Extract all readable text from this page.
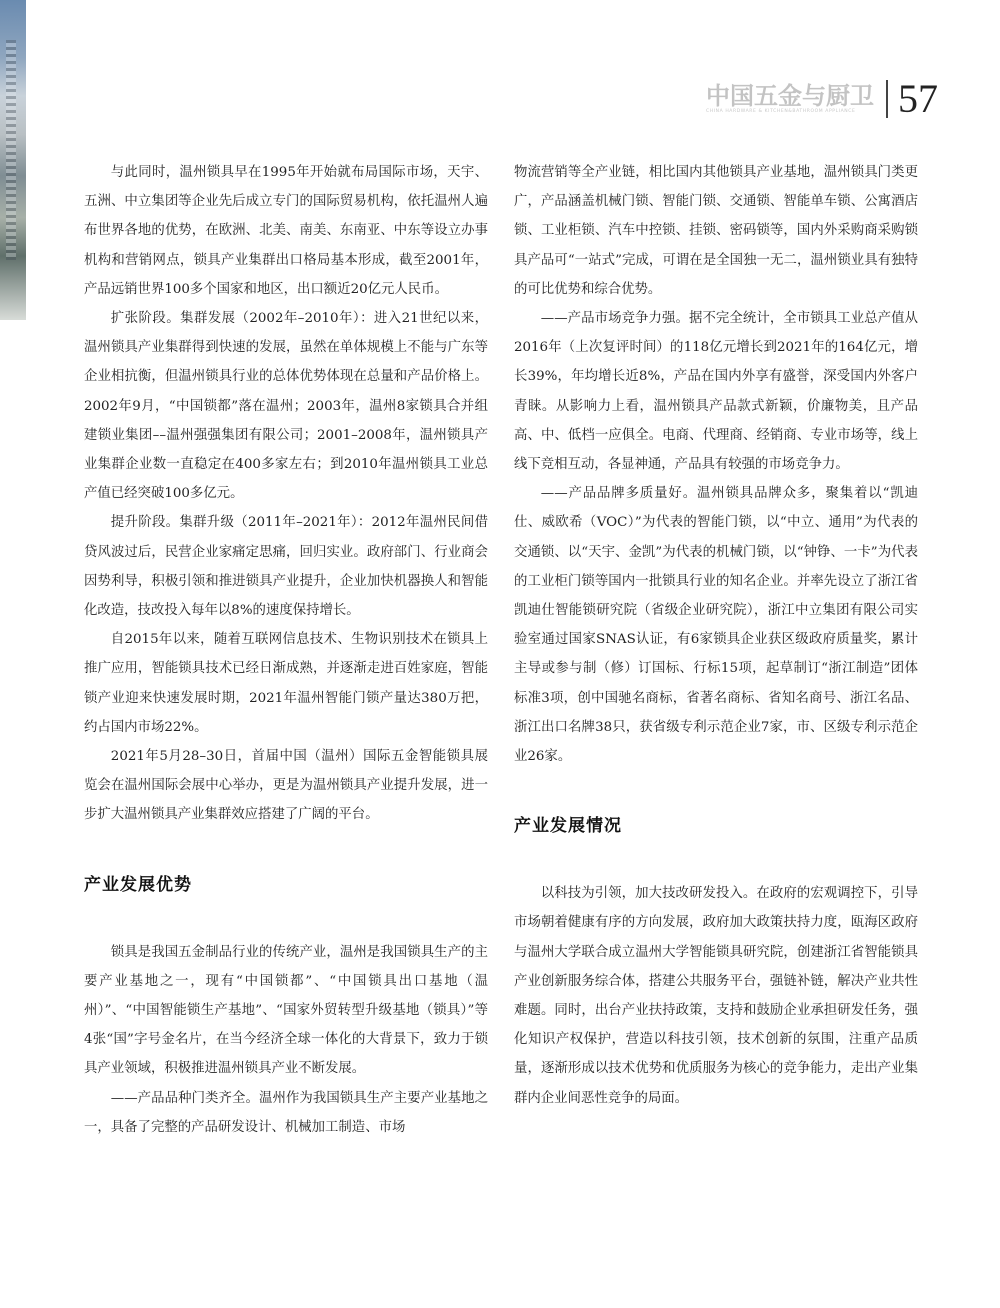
中国五金与厨卫
CHINA HARDWARE & KITCHEN&BATHROOM APPLIANCE 57

与此同时，温州锁具早在1995年开始就布局国际市场，天宇、五洲、中立集团等企业先后成立专门的国际贸易机构，依托温州人遍布世界各地的优势，在欧洲、北美、南美、东南亚、中东等设立办事机构和营销网点，锁具产业集群出口格局基本形成，截至2001年，产品远销世界100多个国家和地区，出口额近20亿元人民币。

扩张阶段。集群发展（2002年–2010年）：进入21世纪以来，温州锁具产业集群得到快速的发展，虽然在单体规模上不能与广东等企业相抗衡，但温州锁具行业的总体优势体现在总量和产品价格上。2002年9月，“中国锁都”落在温州；2003年，温州8家锁具合并组建锁业集团––温州强强集团有限公司；2001–2008年，温州锁具产业集群企业数一直稳定在400多家左右；到2010年温州锁具工业总产值已经突破100多亿元。

提升阶段。集群升级（2011年–2021年）：2012年温州民间借贷风波过后，民营企业家痛定思痛，回归实业。政府部门、行业商会因势利导，积极引领和推进锁具产业提升，企业加快机器换人和智能化改造，技改投入每年以8%的速度保持增长。

自2015年以来，随着互联网信息技术、生物识别技术在锁具上推广应用，智能锁具技术已经日渐成熟，并逐渐走进百姓家庭，智能锁产业迎来快速发展时期，2021年温州智能门锁产量达380万把，约占国内市场22%。

2021年5月28–30日，首届中国（温州）国际五金智能锁具展览会在温州国际会展中心举办，更是为温州锁具产业提升发展，进一步扩大温州锁具产业集群效应搭建了广阔的平台。

产业发展优势

锁具是我国五金制品行业的传统产业，温州是我国锁具生产的主要产业基地之一，现有“中国锁都”、“中国锁具出口基地（温州）”、“中国智能锁生产基地”、“国家外贸转型升级基地（锁具）”等4张“国”字号金名片，在当今经济全球一体化的大背景下，致力于锁具产业领域，积极推进温州锁具产业不断发展。

——产品品种门类齐全。温州作为我国锁具生产主要产业基地之一，具备了完整的产品研发设计、机械加工制造、市场

物流营销等全产业链，相比国内其他锁具产业基地，温州锁具门类更广，产品涵盖机械门锁、智能门锁、交通锁、智能单车锁、公寓酒店锁、工业柜锁、汽车中控锁、挂锁、密码锁等，国内外采购商采购锁具产品可“一站式”完成，可谓在是全国独一无二，温州锁业具有独特的可比优势和综合优势。

——产品市场竞争力强。据不完全统计，全市锁具工业总产值从2016年（上次复评时间）的118亿元增长到2021年的164亿元，增长39%，年均增长近8%，产品在国内外享有盛誉，深受国内外客户青睐。从影响力上看，温州锁具产品款式新颖，价廉物美，且产品高、中、低档一应俱全。电商、代理商、经销商、专业市场等，线上线下竞相互动，各显神通，产品具有较强的市场竞争力。

——产品品牌多质量好。温州锁具品牌众多，聚集着以“凯迪仕、威欧希（VOC）”为代表的智能门锁，以“中立、通用”为代表的交通锁、以“天宇、金凯”为代表的机械门锁，以“钟铮、一卡”为代表的工业柜门锁等国内一批锁具行业的知名企业。并率先设立了浙江省凯迪仕智能锁研究院（省级企业研究院），浙江中立集团有限公司实验室通过国家SNAS认证，有6家锁具企业获区级政府质量奖，累计主导或参与制（修）订国标、行标15项，起草制订“浙江制造”团体标准3项，创中国驰名商标，省著名商标、省知名商号、浙江名品、浙江出口名牌38只，获省级专利示范企业7家，市、区级专利示范企业26家。

产业发展情况

以科技为引领，加大技改研发投入。在政府的宏观调控下，引导市场朝着健康有序的方向发展，政府加大政策扶持力度，瓯海区政府与温州大学联合成立温州大学智能锁具研究院，创建浙江省智能锁具产业创新服务综合体，搭建公共服务平台，强链补链，解决产业共性难题。同时，出台产业扶持政策，支持和鼓励企业承担研发任务，强化知识产权保护，营造以科技引领，技术创新的氛围，注重产品质量，逐渐形成以技术优势和优质服务为核心的竞争能力，走出产业集群内企业间恶性竞争的局面。
